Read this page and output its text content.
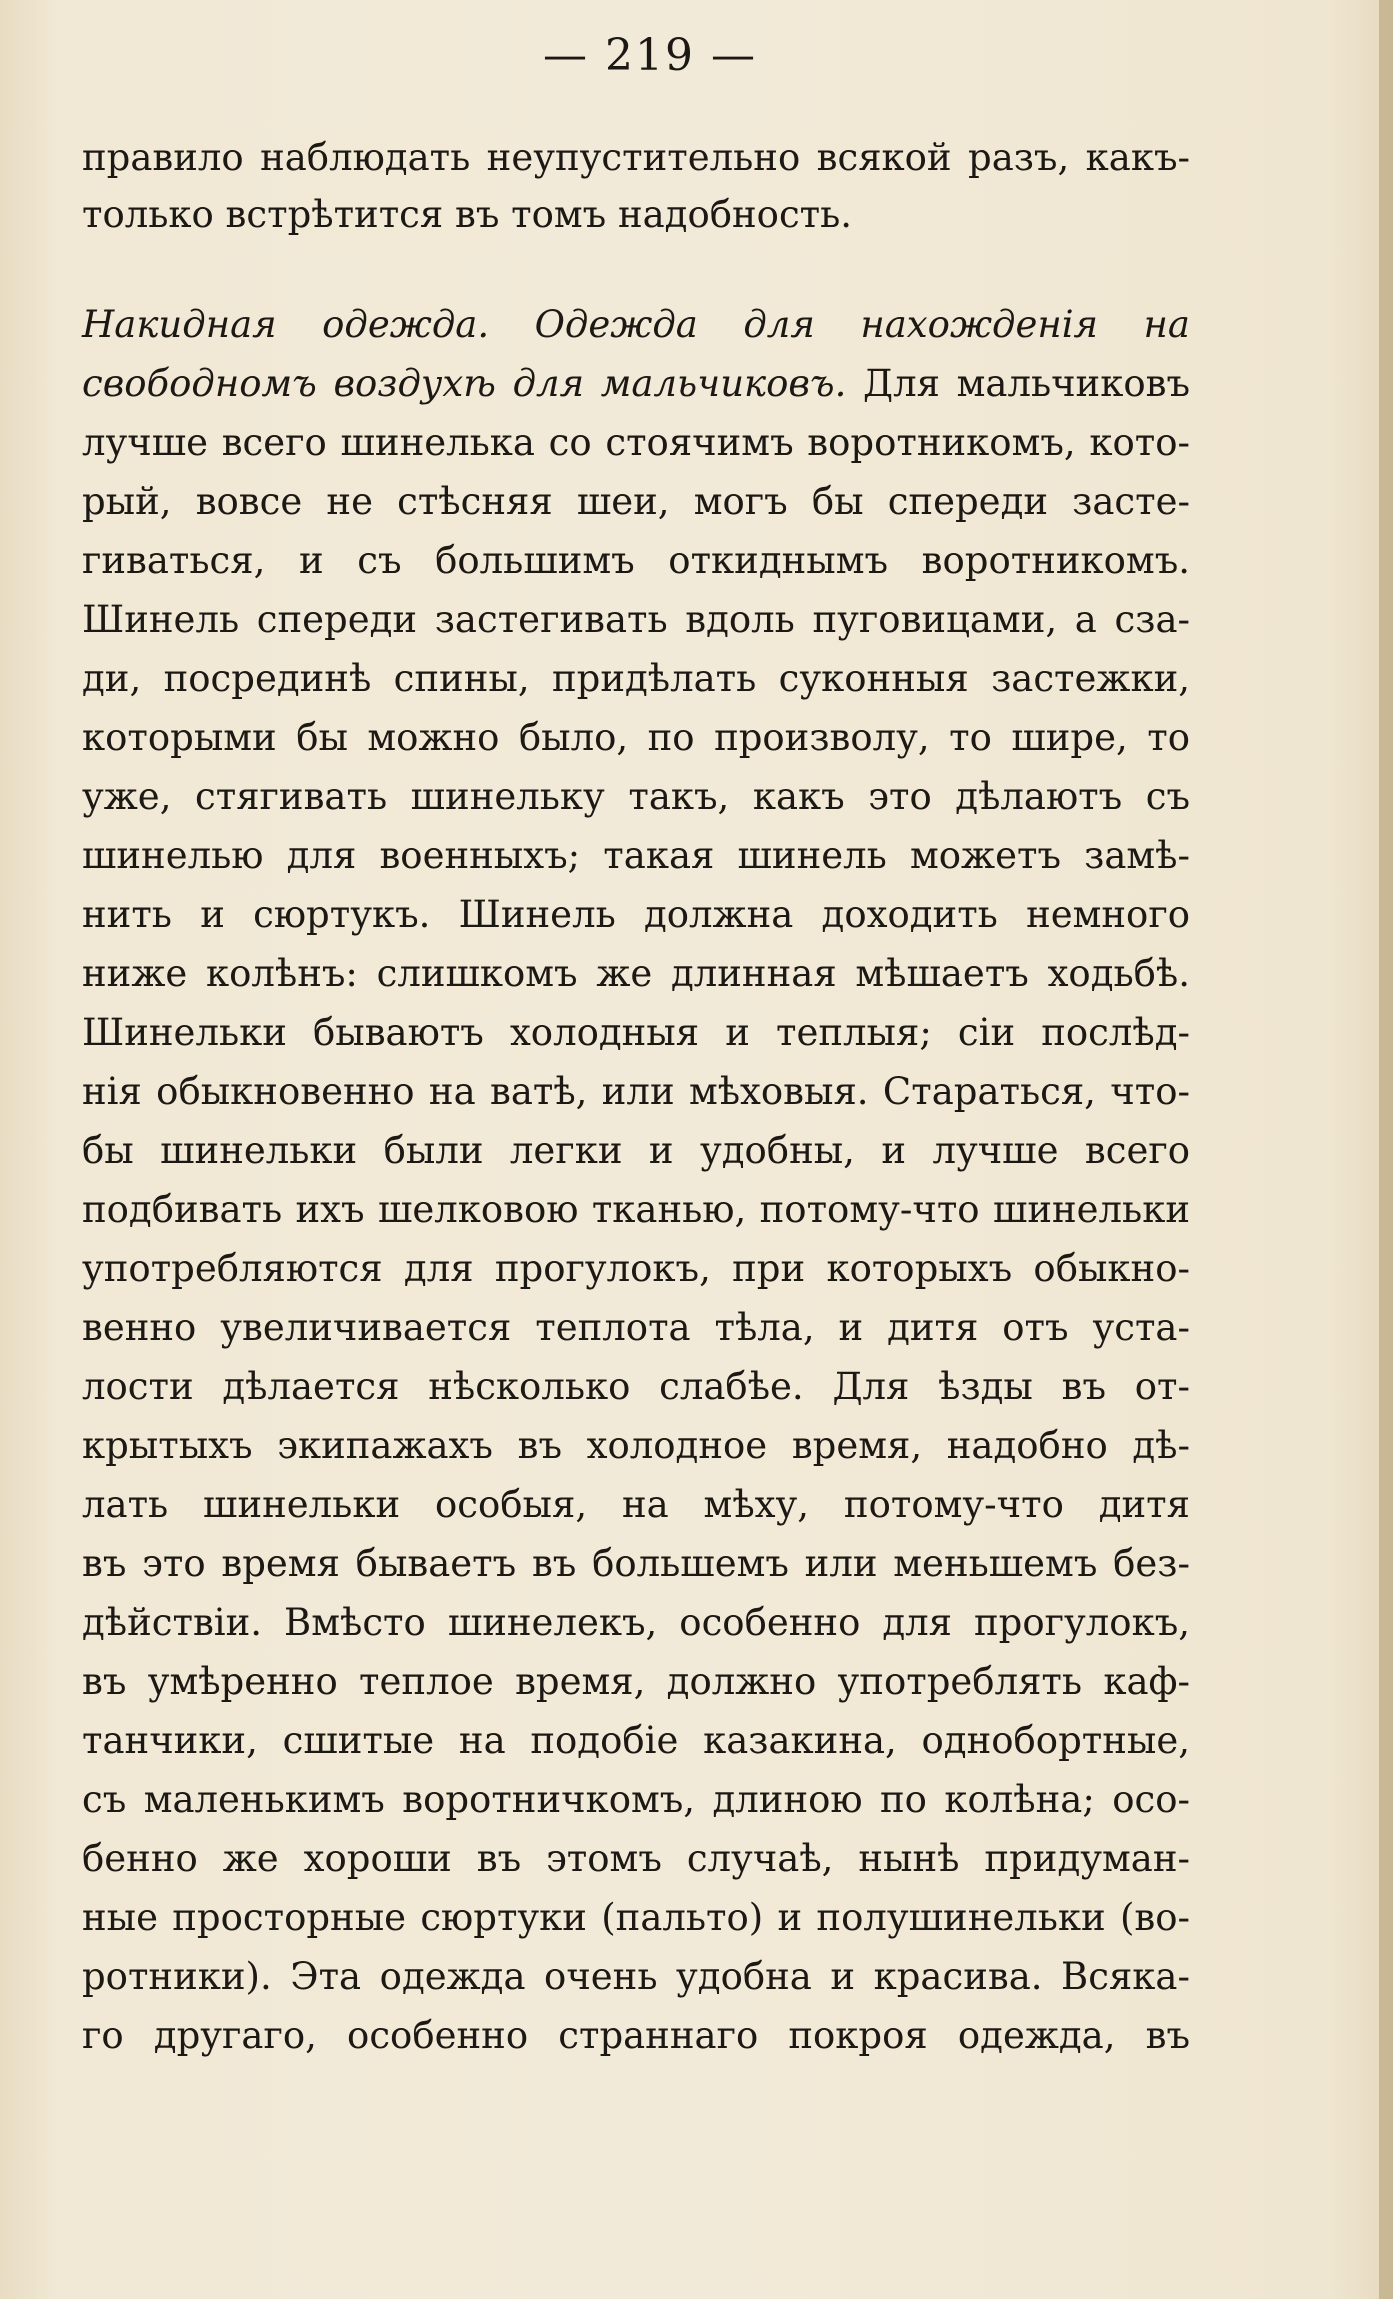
— 219 —
правило наблюдать неупустительно всякой разъ, какъ-
только встрѣтится въ томъ надобность.
Накидная одежда. Одежда для нахожденія на
свободномъ воздухѣ для мальчиковъ. Для мальчиковъ
лучше всего шинелька со стоячимъ воротникомъ, кото-
рый, вовсе не стѣсняя шеи, могъ бы спереди засте-
гиваться, и съ большимъ откиднымъ воротникомъ.
Шинель спереди застегивать вдоль пуговицами, а сза-
ди, посрединѣ спины, придѣлать суконныя застежки,
которыми бы можно было, по произволу, то шире, то
уже, стягивать шинельку такъ, какъ это дѣлаютъ съ
шинелью для военныхъ; такая шинель можетъ замѣ-
нить и сюртукъ. Шинель должна доходить немного
ниже колѣнъ: слишкомъ же длинная мѣшаетъ ходьбѣ.
Шинельки бываютъ холодныя и теплыя; сіи послѣд-
нія обыкновенно на ватѣ, или мѣховыя. Стараться, что-
бы шинельки были легки и удобны, и лучше всего
подбивать ихъ шелковою тканью, потому-что шинельки
употребляются для прогулокъ, при которыхъ обыкно-
венно увеличивается теплота тѣла, и дитя отъ уста-
лости дѣлается нѣсколько слабѣе. Для ѣзды въ от-
крытыхъ экипажахъ въ холодное время, надобно дѣ-
лать шинельки особыя, на мѣху, потому-что дитя
въ это время бываетъ въ большемъ или меньшемъ без-
дѣйствіи. Вмѣсто шинелекъ, особенно для прогулокъ,
въ умѣренно теплое время, должно употреблять каф-
танчики, сшитые на подобіе казакина, однобортные,
съ маленькимъ воротничкомъ, длиною по колѣна; осо-
бенно же хороши въ этомъ случаѣ, нынѣ придуман-
ные просторные сюртуки (пальто) и полушинельки (во-
ротники). Эта одежда очень удобна и красива. Всяка-
го другаго, особенно страннаго покроя одежда, въ
